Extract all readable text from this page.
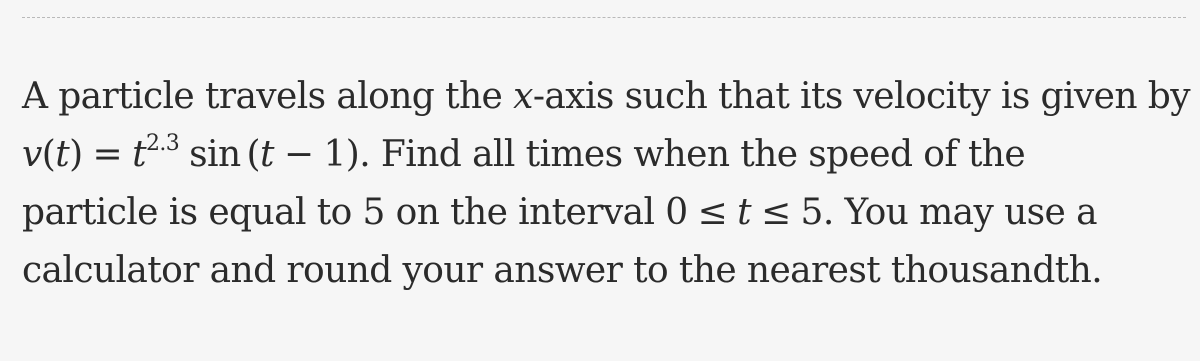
A particle travels along the x-axis such that its velocity is given by
$v(t) = t^{2.3}$ sin (t − 1). Find all times when the speed of the
particle is equal to 5 on the interval 0 ≤ t ≤ 5. You may use a
calculator and round your answer to the nearest thousandth.
